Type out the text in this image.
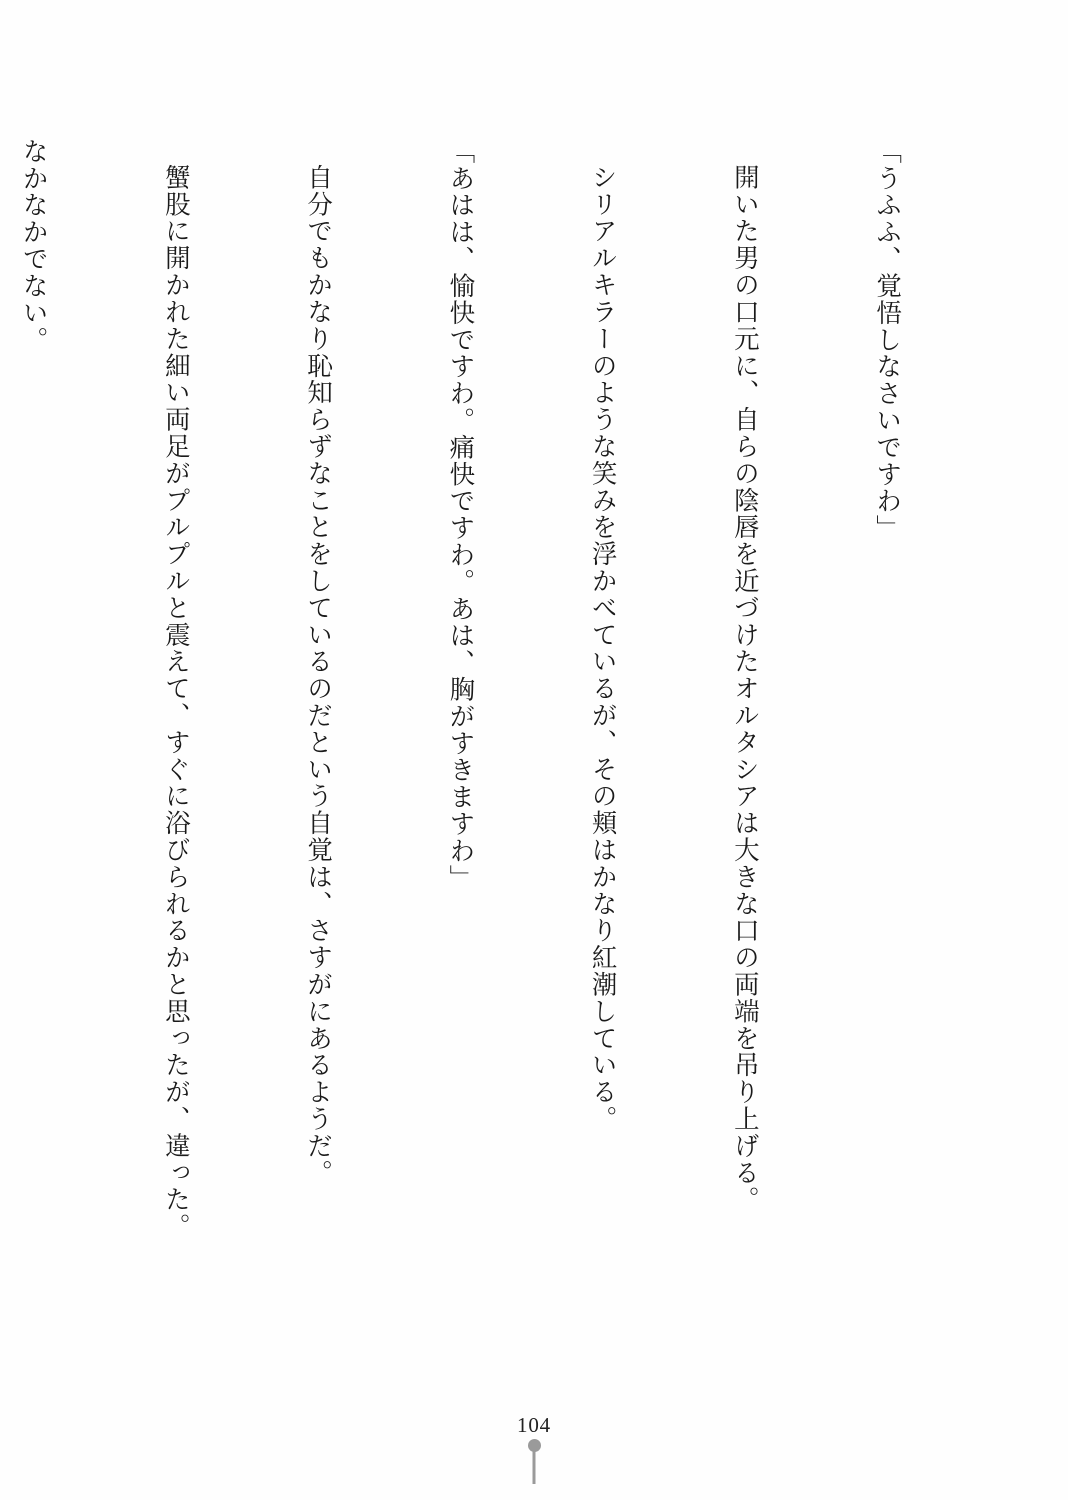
「うふふ、覚悟しなさいですわ」

開いた男の口元に、自らの陰唇を近づけたオルタシアは大きな口の両端を吊り上げる。

シリアルキラーのような笑みを浮かべているが、その頬はかなり紅潮している。

「あはは、愉快ですわ。痛快ですわ。あは、胸がすきますわ」

自分でもかなり恥知らずなことをしているのだという自覚は、さすがにあるようだ。

蟹股に開かれた細い両足がプルプルと震えて、すぐに浴びられるかと思ったが、違った。

なかなかでない。

104
